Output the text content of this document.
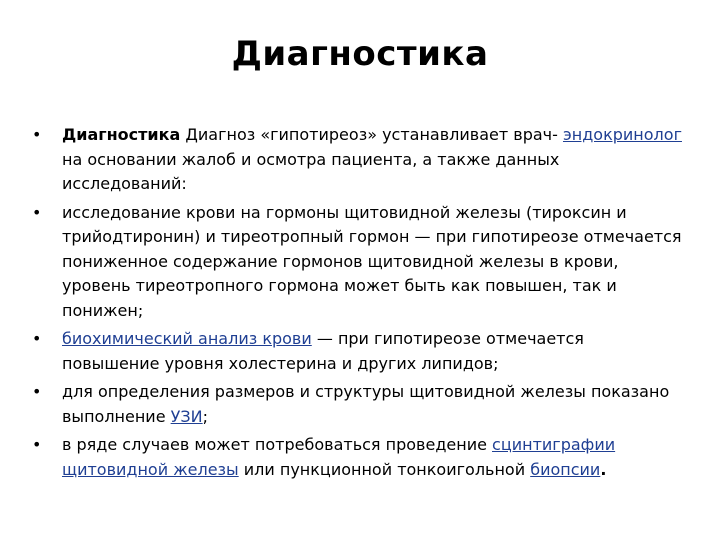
Диагностика
• Диагностика Диагноз «гипотиреоз» устанавливает врач- эндокринолог на основании жалоб и осмотра пациента, а также данных исследований:
• исследование крови на гормоны щитовидной железы (тироксин и трийодтиронин) и тиреотропный гормон — при гипотиреозе отмечается пониженное содержание гормонов щитовидной железы в крови, уровень тиреотропного гормона может быть как повышен, так и понижен;
• биохимический анализ крови — при гипотиреозе отмечается повышение уровня холестерина и других липидов;
• для определения размеров и структуры щитовидной железы показано выполнение УЗИ;
• в ряде случаев может потребоваться проведение сцинтиграфии щитовидной железы или пункционной тонкоигольной биопсии.
